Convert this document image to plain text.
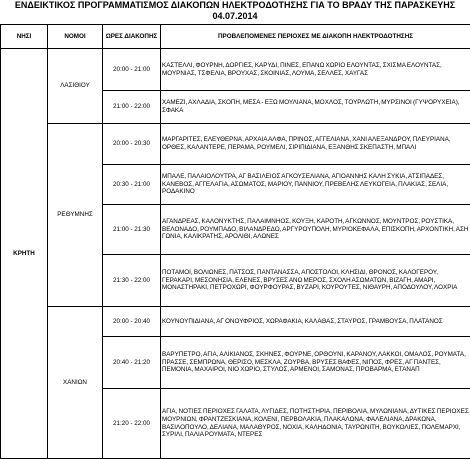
ΕΝΔΕΙΚΤΙΚΟΣ ΠΡΟΓΡΑΜΜΑΤΙΣΜΟΣ ΔΙΑΚΟΠΩΝ ΗΛΕΚΤΡΟΔΟΤΗΣΗΣ ΓΙΑ ΤΟ ΒΡΑΔΥ ΤΗΣ ΠΑΡΑΣΚΕΥΗΣ
04.07.2014
ΝΗΣΙ	ΝΟΜΟΙ	ΩΡΕΣ ΔΙΑΚΟΠΗΣ	ΠΡΟΒΛΕΠΟΜΕΝΕΣ ΠΕΡΙΟΧΕΣ ΜΕ ΔΙΑΚΟΠΗ ΗΛΕΚΤΡΟΔΟΤΗΣΗΣ
ΚΡΗΤΗ	ΛΑΣΙΘΙΟΥ	20:00 - 21:00	ΚΑΣΤΕΛΛΙ, ΦΟΥΡΝΗ, ΔΟΡΓΙΕΣ, ΚΑΡΥΔΙ, ΠΙΝΕΣ, ΕΠΑΝΩ ΧΩΡΙΟ ΕΛΟΥΝΤΑΣ, ΣΧΙΣΜΑ ΕΛΟΥΝΤΑΣ, ΜΟΥΡΝΙΑΣ, ΤΣΦΕΛΙΑ, ΒΡΟΥΧΑΣ, ΣΚΟΙΝΙΑΣ, ΛΟΥΜΑ, ΣΕΛΛΕΣ, ΧΑΥΓΑΣ
		21:00 - 22:00	ΧΑΜΕΖΙ, ΑΧΛΑΔΙΑ, ΣΚΟΠΗ, ΜΕΣΑ - ΕΞΩ ΜΟΥΛΙΑΝΑ, ΜΟΧΛΟΣ, ΤΟΥΡΛΩΤΗ, ΜΥΡΣΙΝΟΙ (ΓΥΨΟΡΥΧΕΙΑ), ΣΦΑΚΑ
	ΡΕΘΥΜΝΗΣ	20:00 - 20:30	ΜΑΡΓΑΡΙΤΕΣ, ΕΛΕΥΘΕΡΝΑ, ΑΡΧΑΙΑ ΑΛΦΑ, ΠΡΙΝΟΣ, ΑΓΓΕΛΙΑΝΑ, ΧΑΝΙ ΑΛΕΞΑΝΔΡΟΥ, ΠΛΕΥΡΙΑΝΑ, ΟΡΘΕΣ, ΚΑΛΑΝΤΕΡΕ, ΠΕΡΑΜΑ, ΡΟΥΜΕΛΙ, ΣΙΡΙΠΙΔΙΑΝΑ, ΕΞΑΝΘΗΣ ΣΚΕΠΑΣΤΗ, ΜΠΑΛΙ
		20:30 - 21:00	ΜΠΑΛΕ, ΠΑΛΑΙΟΛΟΥΤΡΑ, ΑΓ ΒΑΣΙΛΕΙΟΣ ΑΓΚΟΥΣΕΛΙΑΝΑ, ΑΓΙΟΑΝΝΗΣ ΚΑΛΗ ΣΥΚΙΑ, ΑΤΣΙΠΑΔΕΣ, ΚΑΝΕΒΟΣ, ΑΓΓΕΛΑΓΙΑ, ΑΣΩΜΑΤΟΣ, ΜΑΡΙΟΥ, ΠΑΝΝΙΟΥ, ΠΡΕΒΕΛΗΣ ΛΕΥΚΟΓΕΙΑ, ΠΛΑΚΙΑΣ, ΣΕΛΙΑ, ΡΟΔΑΚΙΝΟ
		21:00 - 21:30	ΑΓΑΝΔΡΕΑΣ, ΚΑΛΟΝΥΚΤΗΣ, ΠΑΛΑΙΜΝΗΟΣ, ΚΟΥΞΗ, ΚΑΡΟΤΗ, ΑΓΚΩΝΝΟΣ, ΜΟΥΝΤΡΟΣ, ΡΟΥΣΤΙΚΑ, ΒΕΛΟΝΑΔΟ, ΡΟΥΜΠΑΔΟ, ΒΙΛΑΝΔΡΕΔΟ, ΑΡΓΥΡΟΥΠΟΛΗ, ΜΥΡΙΟΚΕΦΑΛΑ, ΕΠΙΣΚΟΠΗ, ΑΡΧΟΝΤΙΚΗ, ΑΣΗ ΓΩΝΙΑ, ΚΑΛΙΚΡΑΤΗΣ, ΑΡΟΛΙΘΙ, ΑΛΩΝΕΣ
		21:30 - 22:00	ΠΟΤΑΜΟΙ, ΒΟΛΙΩΝΕΣ, ΠΑΤΣΟΣ, ΠΑΝΤΑΝΑΣΣΑ, ΑΠΟΣΤΟΛΟΙ, ΚΛΗΣΙΔΙ, ΘΡΟΝΟΣ, ΚΑΛΟΓΕΡΟΥ, ΓΕΡΑΚΑΡΙ, ΜΕΣΟΝΗΣΙΑ, ΕΛΕΝΕΣ, ΒΡΥΣΕΣ ΑΝΩ ΜΕΡΟΣ, ΣΧΟΛΗ ΑΣΩΜΑΤΩΝ, ΒΙΖΑΓΗ, ΑΜΑΡΙ, ΜΟΝΑΣΤΗΡΑΚΙ, ΠΕΤΡΟΧΩΡΙ, ΦΟΥΡΦΟΥΡΑΣ, ΒΥΖΑΡΙ, ΚΟΥΡΟΥΤΕΣ, ΝΙΘΑΥΡΗ, ΑΠΟΔΟΥΛΟΥ, ΛΟΧΡΙΑ
	ΧΑΝΙΩΝ	20:00 - 20:40	ΚΟΥΝΟΥΠΙΔΙΑΝΑ, ΑΓ ΟΝΟΥΦΡΙΟΣ, ΧΩΡΑΦΑΚΙΑ, ΚΑΛΑΘΑΣ, ΣΤΑΥΡΟΣ, ΓΡΑΜΒΟΥΣΑ, ΠΛΑΤΑΝΟΣ
		20:40 - 21:20	ΒΑΡΥΠΕΤΡΟ, ΑΓΙΑ, ΑΛΙΚΙΑΝΟΣ, ΣΚΗΝΕΣ, ΦΟΥΡΝΕ, ΟΡΘΟΥΝΙ, ΚΑΡΑΝΟΥ, ΛΑΚΚΟΙ, ΟΜΑΛΟΣ, ΡΟΥΜΑΤΑ, ΠΡΑΣΣΕ, ΣΕΜΠΡΩΝΑ, ΘΕΡΙΣΟ, ΜΕΣΚΛΑ, ΖΟΥΡΒΑ, ΒΡΥΣΕΣ ΒΑΦΕΣ, ΝΙΠΟΣ, ΦΡΕΣ, ΑΓ ΠΑΝΤΕΣ, ΠΕΜΟΝΙΑ, ΜΑΧΑΙΡΟΙ, ΝΙΟ ΧΩΡΙΟ, ΣΤΥΛΟΣ, ΑΡΜΕΝΟΙ, ΣΑΜΟΝΑΣ, ΠΡΟΒΑΡΜΑ, ΕΤΑΝΑΠ
		21:20 - 22:00	ΑΓΙΑ, ΝΟΤΙΕΣ ΠΕΡΙΟΧΕΣ ΓΑΛΑΤΑ, ΛΥΓΙΔΕΣ, ΠΟΤΗΣΤΗΡΙΑ, ΠΕΡΙΒΟΛΙΑ, ΜΥΛΩΝΙΑΝΑ, ΔΥΤΙΚΕΣ ΠΕΡΙΟΧΕΣ ΜΟΥΡΝΙΩΝ, ΦΡΑΝΤΖΕΣΚΙΑΝΑ, ΚΟΛΕΝΙ, ΠΕΡΒΟΛΑΚΙΑ, ΠΛΑΚΑΛΩΝΑ, ΦΑΛΕΛΙΑΝΑ, ΔΡΑΚΩΝΑ, ΒΑΣΙΛΟΠΟΥΛΟ, ΔΕΛΙΑΝΑ, ΜΑΛΑΘΥΡΟΣ, ΝΟΧΙΑ, ΚΑΛΗΔΟΝΙΑ, ΤΑΥΡΩΝΙΤΗ, ΒΟΥΚΟΛΙΕΣ, ΠΟΛΕΜΑΡΧΙ, ΣΥΡΙΛΙ, ΠΑΛΙΑ ΡΟΥΜΑΤΑ, ΝΤΕΡΕΣ
